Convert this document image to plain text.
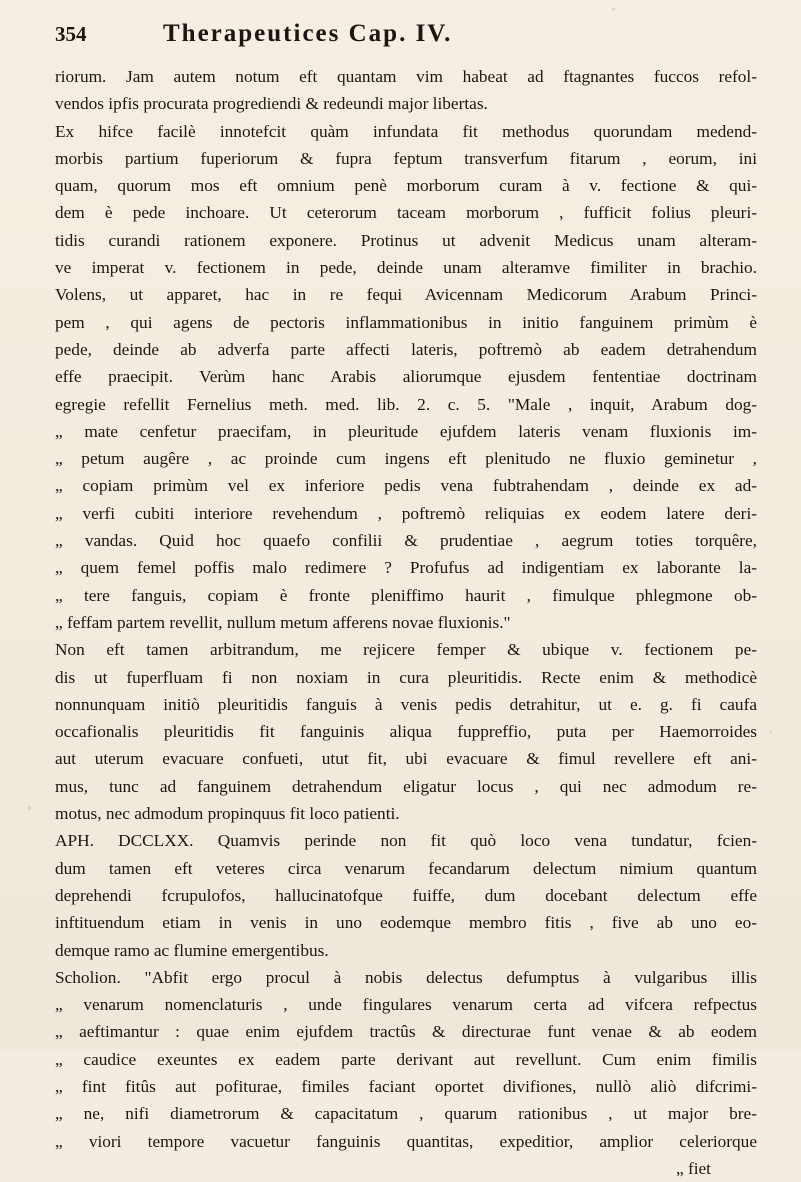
354	Therapeutices Cap. IV.
riorum. Jam autem notum eft quantam vim habeat ad ftagnantes fuccos refol-
vendos ipfis procurata progrediendi & redeundi major libertas.
Ex hifce facilè innotefcit quàm infundata fit methodus quorundam medend-
morbis partium fuperiorum & fupra feptum transverfum fitarum , eorum, ini
quam, quorum mos eft omnium penè morborum curam à v. fectione & qui-
dem è pede inchoare. Ut ceterorum taceam morborum , fufficit folius pleuri-
tidis curandi rationem exponere. Protinus ut advenit Medicus unam alteram-
ve imperat v. fectionem in pede, deinde unam alteramve fimiliter in brachio.
Volens, ut apparet, hac in re fequi Avicennam Medicorum Arabum Princi-
pem , qui agens de pectoris inflammationibus in initio fanguinem primùm è
pede, deinde ab adverfa parte affecti lateris, poftremò ab eadem detrahendum
effe praecipit. Verùm hanc Arabis aliorumque ejusdem fententiae doctrinam
egregie refellit Fernelius meth. med. lib. 2. c. 5. "Male , inquit, Arabum dog-
„ mate cenfetur praecifam, in pleuritude ejufdem lateris venam fluxionis im-
„ petum augêre , ac proinde cum ingens eft plenitudo ne fluxio geminetur ,
„ copiam primùm vel ex inferiore pedis vena fubtrahendam , deinde ex ad-
„ verfi cubiti interiore revehendum , poftremò reliquias ex eodem latere deri-
„ vandas. Quid hoc quaefo confilii & prudentiae , aegrum toties torquêre,
„ quem femel poffis malo redimere ? Profufus ad indigentiam ex laborante la-
„ tere fanguis, copiam è fronte pleniffimo haurit , fimulque phlegmone ob-
„ feffam partem revellit, nullum metum afferens novae fluxionis."
Non eft tamen arbitrandum, me rejicere femper & ubique v. fectionem pe-
dis ut fuperfluam fi non noxiam in cura pleuritidis. Recte enim & methodicè
nonnunquam initiò pleuritidis fanguis à venis pedis detrahitur, ut e. g. fi caufa
occafionalis pleuritidis fit fanguinis aliqua fuppreffio, puta per Haemorroides
aut uterum evacuare confueti, utut fit, ubi evacuare & fimul revellere eft ani-
mus, tunc ad fanguinem detrahendum eligatur locus , qui nec admodum re-
motus, nec admodum propinquus fit loco patienti.
APH. DCCLXX. Quamvis perinde non fit quò loco vena tundatur, fcien-
dum tamen eft veteres circa venarum fecandarum delectum nimium quantum
deprehendi fcrupulofos, hallucinatofque fuiffe, dum docebant delectum effe
inftituendum etiam in venis in uno eodemque membro fitis , five ab uno eo-
demque ramo ac flumine emergentibus.
Scholion. "Abfit ergo procul à nobis delectus defumptus à vulgaribus illis
„ venarum nomenclaturis , unde fingulares venarum certa ad vifcera refpectus
„ aeftimantur : quae enim ejufdem tractûs & directurae funt venae & ab eodem
„ caudice exeuntes ex eadem parte derivant aut revellunt. Cum enim fimilis
„ fint fitûs aut pofiturae, fimiles faciant oportet divifiones, nullò aliò difcrimi-
„ ne, nifi diametrorum & capacitatum , quarum rationibus , ut major bre-
„ viori tempore vacuetur fanguinis quantitas, expeditior, amplior celeriorque
„ fiet
